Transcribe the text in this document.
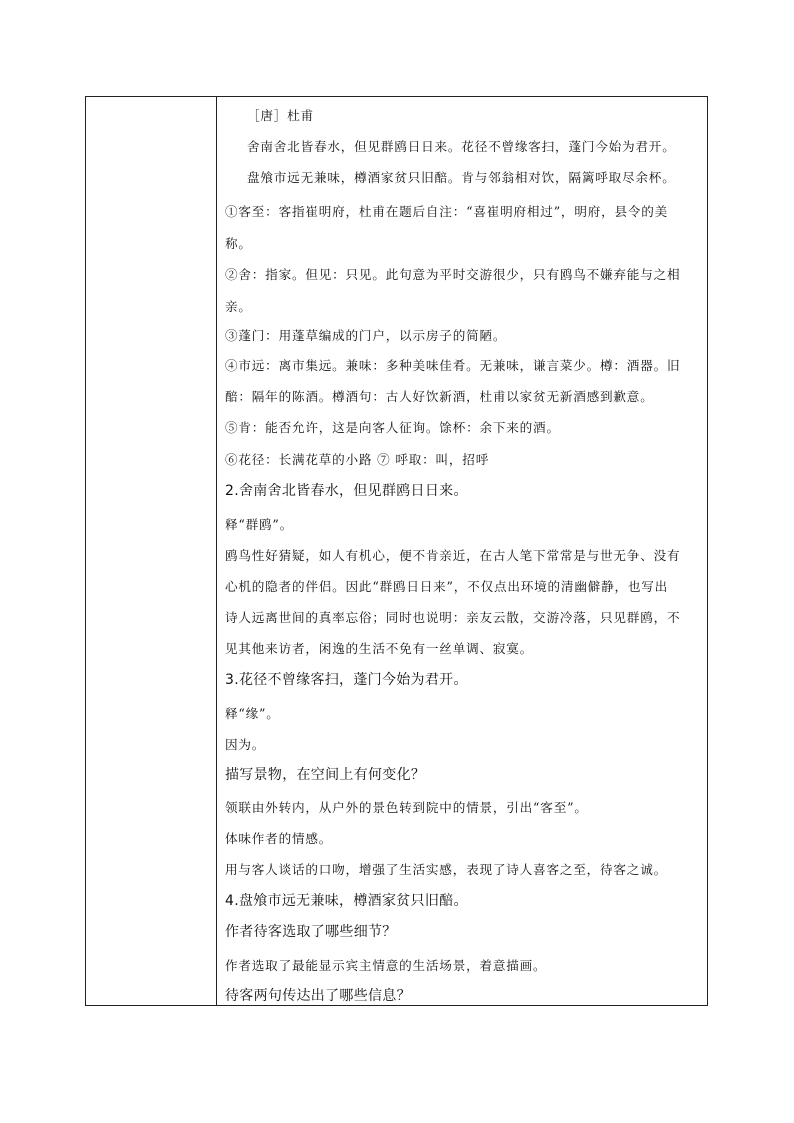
［唐］杜甫
舍南舍北皆春水，但见群鸥日日来。花径不曾缘客扫，蓬门今始为君开。
盘飧市远无兼味，樽酒家贫只旧醅。肯与邻翁相对饮，隔篱呼取尽余杯。
①客至：客指崔明府，杜甫在题后自注：“喜崔明府相过”，明府，县令的美
称。
②舍：指家。但见：只见。此句意为平时交游很少，只有鸥鸟不嫌弃能与之相
亲。
③蓬门：用蓬草编成的门户，以示房子的简陋。
④市远：离市集远。兼味：多种美味佳肴。无兼味，谦言菜少。樽：酒器。旧
醅：隔年的陈酒。樽酒句：古人好饮新酒，杜甫以家贫无新酒感到歉意。
⑤肯：能否允许，这是向客人征询。馀杯：余下来的酒。
⑥花径：长满花草的小路 ⑦ 呼取：叫，招呼
2.舍南舍北皆春水，但见群鸥日日来。
释“群鸥”。
鸥鸟性好猜疑，如人有机心，便不肯亲近，在古人笔下常常是与世无争、没有
心机的隐者的伴侣。因此“群鸥日日来”，不仅点出环境的清幽僻静，也写出
诗人远离世间的真率忘俗；同时也说明：亲友云散，交游冷落，只见群鸥，不
见其他来访者，闲逸的生活不免有一丝单调、寂寞。
3.花径不曾缘客扫，蓬门今始为君开。
释“缘”。
因为。
描写景物，在空间上有何变化？
领联由外转内，从户外的景色转到院中的情景，引出“客至”。
体味作者的情感。
用与客人谈话的口吻，增强了生活实感，表现了诗人喜客之至，待客之诚。
4.盘飧市远无兼味，樽酒家贫只旧醅。
作者待客选取了哪些细节？
作者选取了最能显示宾主情意的生活场景，着意描画。
待客两句传达出了哪些信息？
